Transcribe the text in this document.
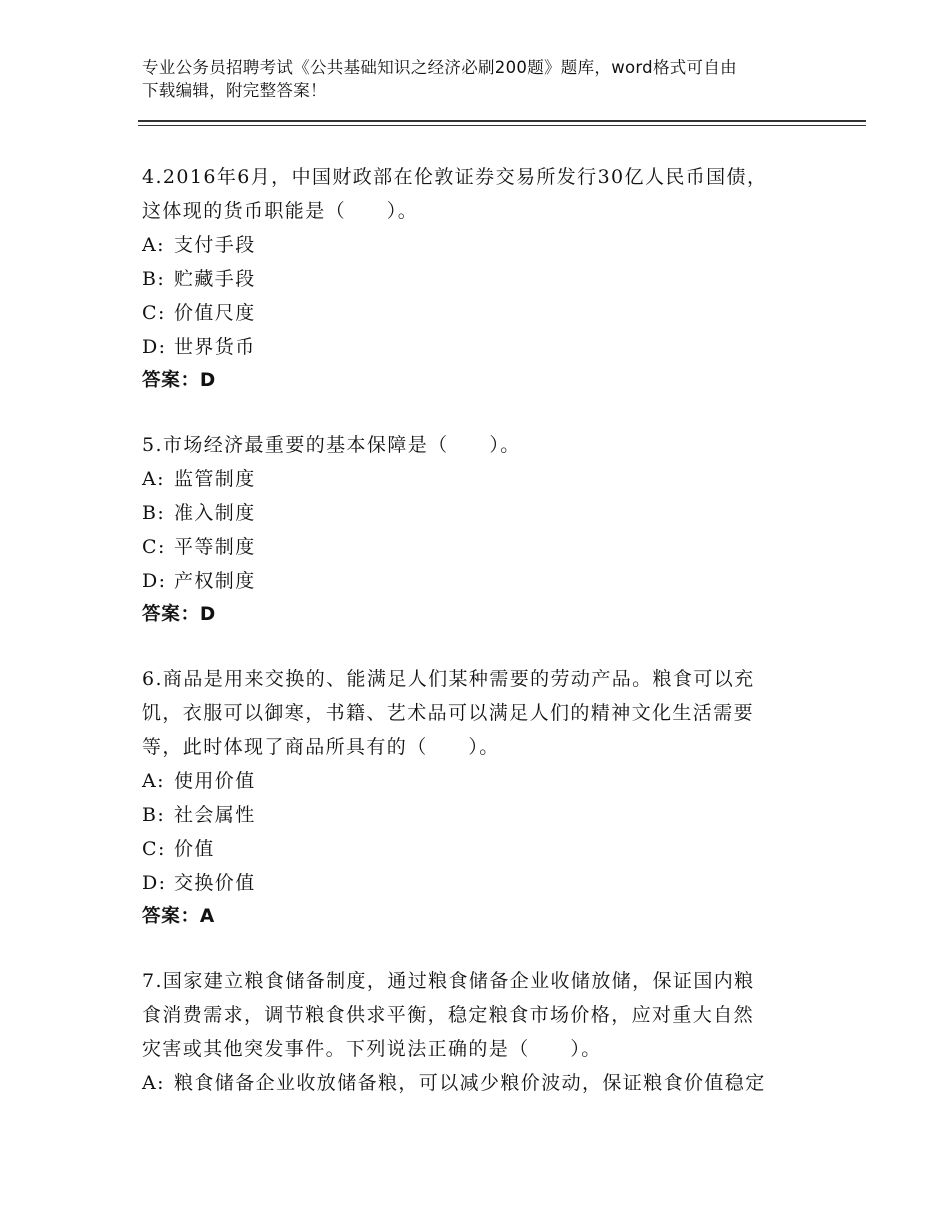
专业公务员招聘考试《公共基础知识之经济必刷200题》题库，word格式可自由
下载编辑，附完整答案！

4.2016年6月，中国财政部在伦敦证券交易所发行30亿人民币国债，
这体现的货币职能是（　　）。

A: 支付手段
B: 贮藏手段
C: 价值尺度
D: 世界货币
答案：D

5.市场经济最重要的基本保障是（　　）。

A: 监管制度
B: 准入制度
C: 平等制度
D: 产权制度
答案：D

6.商品是用来交换的、能满足人们某种需要的劳动产品。粮食可以充
饥，衣服可以御寒，书籍、艺术品可以满足人们的精神文化生活需要
等，此时体现了商品所具有的（　　）。

A: 使用价值
B: 社会属性
C: 价值
D: 交换价值
答案：A

7.国家建立粮食储备制度，通过粮食储备企业收储放储，保证国内粮
食消费需求，调节粮食供求平衡，稳定粮食市场价格，应对重大自然
灾害或其他突发事件。下列说法正确的是（　　）。

A: 粮食储备企业收放储备粮，可以减少粮价波动，保证粮食价值稳定
